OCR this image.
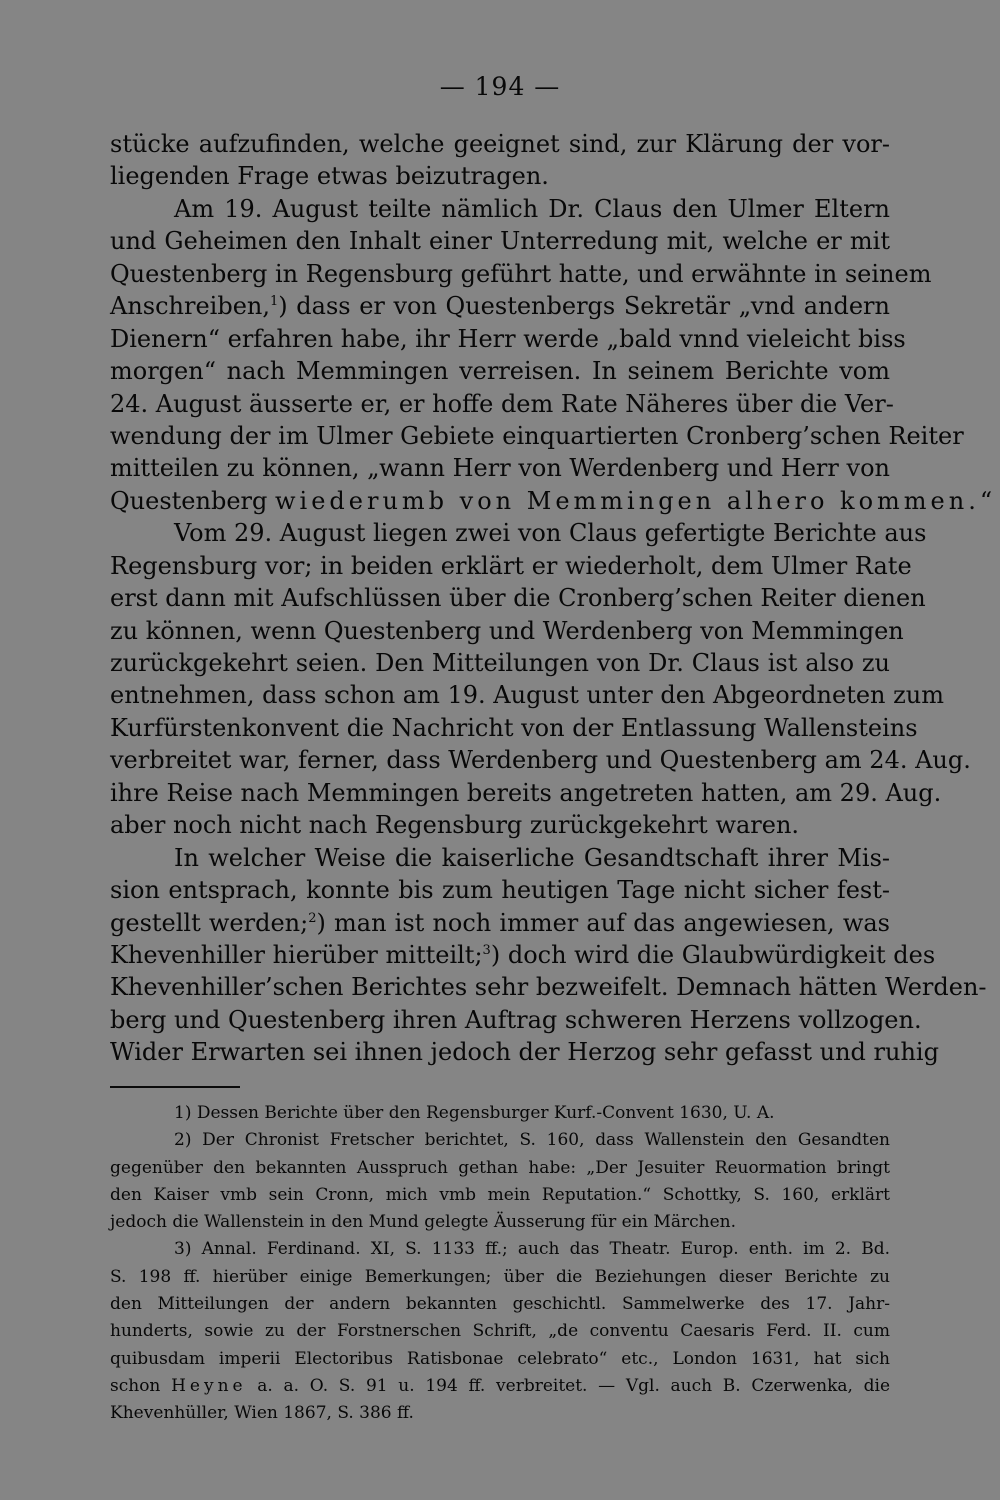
— 194 —
stücke aufzufinden, welche geeignet sind, zur Klärung der vor-
liegenden Frage etwas beizutragen.
Am 19. August teilte nämlich Dr. Claus den Ulmer Eltern
und Geheimen den Inhalt einer Unterredung mit, welche er mit
Questenberg in Regensburg geführt hatte, und erwähnte in seinem
Anschreiben,$^1$) dass er von Questenbergs Sekretär „vnd andern
Dienern“ erfahren habe, ihr Herr werde „bald vnnd vieleicht biss
morgen“ nach Memmingen verreisen. In seinem Berichte vom
24. August äusserte er, er hoffe dem Rate Näheres über die Ver-
wendung der im Ulmer Gebiete einquartierten Cronberg’schen Reiter
mitteilen zu können, „wann Herr von Werdenberg und Herr von
Questenberg wiederumb von Memmingen alhero kommen.“
Vom 29. August liegen zwei von Claus gefertigte Berichte aus
Regensburg vor; in beiden erklärt er wiederholt, dem Ulmer Rate
erst dann mit Aufschlüssen über die Cronberg’schen Reiter dienen
zu können, wenn Questenberg und Werdenberg von Memmingen
zurückgekehrt seien. Den Mitteilungen von Dr. Claus ist also zu
entnehmen, dass schon am 19. August unter den Abgeordneten zum
Kurfürstenkonvent die Nachricht von der Entlassung Wallensteins
verbreitet war, ferner, dass Werdenberg und Questenberg am 24. Aug.
ihre Reise nach Memmingen bereits angetreten hatten, am 29. Aug.
aber noch nicht nach Regensburg zurückgekehrt waren.
In welcher Weise die kaiserliche Gesandtschaft ihrer Mis-
sion entsprach, konnte bis zum heutigen Tage nicht sicher fest-
gestellt werden;$^2$) man ist noch immer auf das angewiesen, was
Khevenhiller hierüber mitteilt;$^3$) doch wird die Glaubwürdigkeit des
Khevenhiller’schen Berichtes sehr bezweifelt. Demnach hätten Werden-
berg und Questenberg ihren Auftrag schweren Herzens vollzogen.
Wider Erwarten sei ihnen jedoch der Herzog sehr gefasst und ruhig
1) Dessen Berichte über den Regensburger Kurf.-Convent 1630, U. A.
2) Der Chronist Fretscher berichtet, S. 160, dass Wallenstein den Gesandten
gegenüber den bekannten Ausspruch gethan habe: „Der Jesuiter Reuormation bringt
den Kaiser vmb sein Cronn, mich vmb mein Reputation.“ Schottky, S. 160, erklärt
jedoch die Wallenstein in den Mund gelegte Äusserung für ein Märchen.
3) Annal. Ferdinand. XI, S. 1133 ff.; auch das Theatr. Europ. enth. im 2. Bd.
S. 198 ff. hierüber einige Bemerkungen; über die Beziehungen dieser Berichte zu
den Mitteilungen der andern bekannten geschichtl. Sammelwerke des 17. Jahr-
hunderts, sowie zu der Forstnerschen Schrift, „de conventu Caesaris Ferd. II. cum
quibusdam imperii Electoribus Ratisbonae celebrato“ etc., London 1631, hat sich
schon Heyne a. a. O. S. 91 u. 194 ff. verbreitet. — Vgl. auch B. Czerwenka, die
Khevenhüller, Wien 1867, S. 386 ff.
